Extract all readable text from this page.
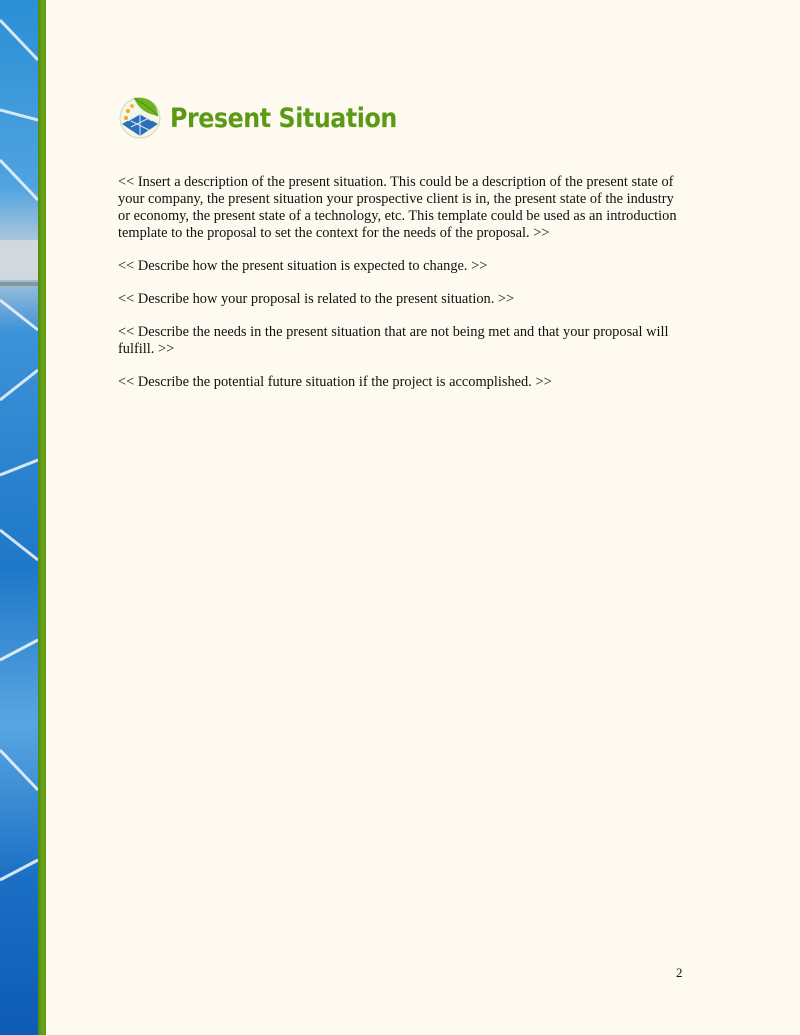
Present Situation

<< Insert a description of the present situation. This could be a description of the present state of your company, the present situation your prospective client is in, the present state of the industry or economy, the present state of a technology, etc. This template could be used as an introduction template to the proposal to set the context for the needs of the proposal. >>

<< Describe how the present situation is expected to change. >>

<< Describe how your proposal is related to the present situation. >>

<< Describe the needs in the present situation that are not being met and that your proposal will fulfill. >>

<< Describe the potential future situation if the project is accomplished. >>

2
